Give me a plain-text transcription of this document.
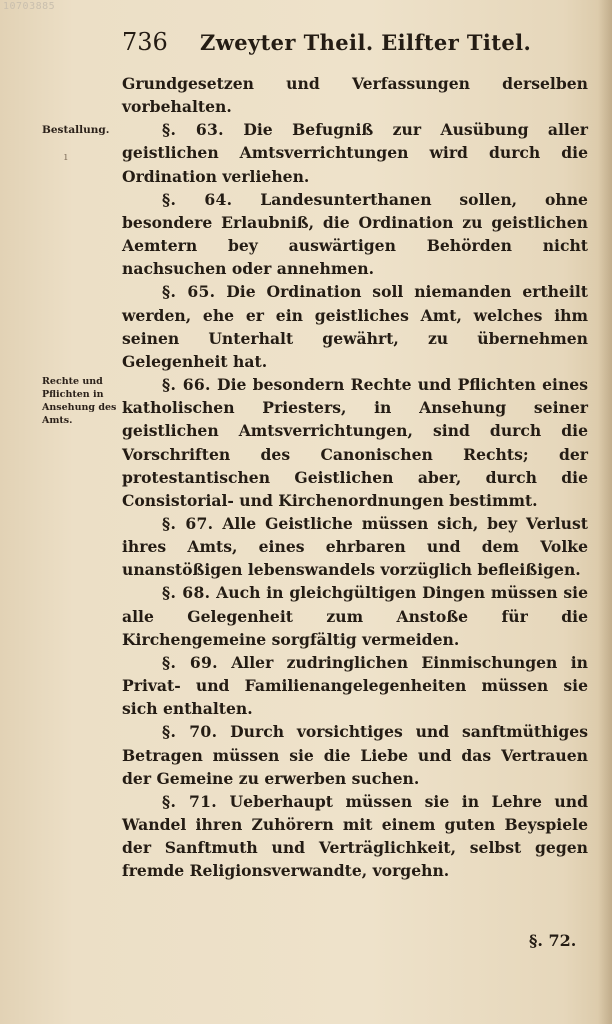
10703885
736 Zweyter Theil. Eilfter Titel.
Bestallung.
ı
Rechte und Pflichten in Ansehung des Amts.

Grundgesetzen und Verfassungen derselben vorbehalten.

§. 63. Die Befugniß zur Ausübung aller geistlichen Amtsverrichtungen wird durch die Ordination verliehen.

§. 64. Landesunterthanen sollen, ohne besondere Erlaubniß, die Ordination zu geistlichen Aemtern bey auswärtigen Behörden nicht nachsuchen oder annehmen.

§. 65. Die Ordination soll niemanden ertheilt werden, ehe er ein geistliches Amt, welches ihm seinen Unterhalt gewährt, zu übernehmen Gelegenheit hat.

§. 66. Die besondern Rechte und Pflichten eines katholischen Priesters, in Ansehung seiner geistlichen Amtsverrichtungen, sind durch die Vorschriften des Canonischen Rechts; der protestantischen Geistlichen aber, durch die Consistorial- und Kirchenordnungen bestimmt.

§. 67. Alle Geistliche müssen sich, bey Verlust ihres Amts, eines ehrbaren und dem Volke unanstößigen lebenswandels vorzüglich befleißigen.

§. 68. Auch in gleichgültigen Dingen müssen sie alle Gelegenheit zum Anstoße für die Kirchengemeine sorgfältig vermeiden.

§. 69. Aller zudringlichen Einmischungen in Privat- und Familienangelegenheiten müssen sie sich enthalten.

§. 70. Durch vorsichtiges und sanftmüthiges Betragen müssen sie die Liebe und das Vertrauen der Gemeine zu erwerben suchen.

§. 71. Ueberhaupt müssen sie in Lehre und Wandel ihren Zuhörern mit einem guten Beyspiele der Sanftmuth und Verträglichkeit, selbst gegen fremde Religionsverwandte, vorgehn.

§. 72.
